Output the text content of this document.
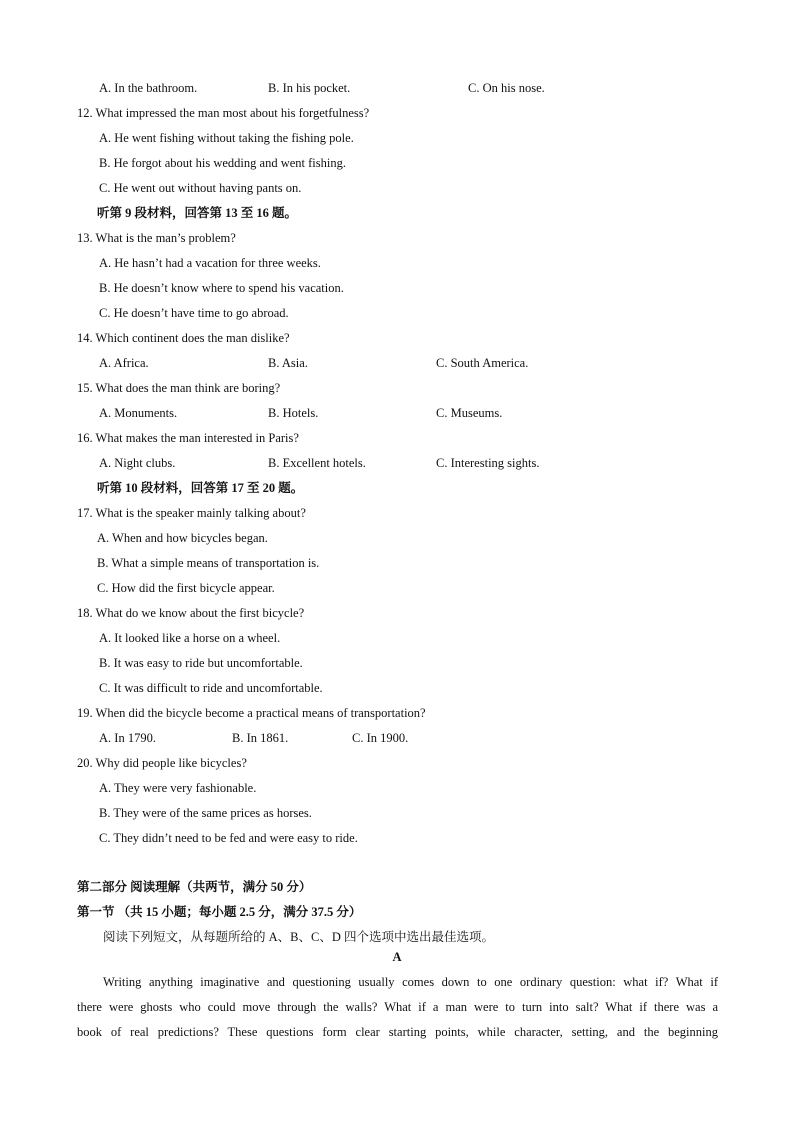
A. In the bathroom.	B. In his pocket.	C. On his nose.
12. What impressed the man most about his forgetfulness?
A. He went fishing without taking the fishing pole.
B. He forgot about his wedding and went fishing.
C. He went out without having pants on.
听第 9 段材料，回答第 13 至 16 题。
13. What is the man’s problem?
A. He hasn’t had a vacation for three weeks.
B. He doesn’t know where to spend his vacation.
C. He doesn’t have time to go abroad.
14. Which continent does the man dislike?
A. Africa.	B. Asia.	C. South America.
15. What does the man think are boring?
A. Monuments.	B. Hotels.	C. Museums.
16. What makes the man interested in Paris?
A. Night clubs.	B. Excellent hotels.	C. Interesting sights.
听第 10 段材料，回答第 17 至 20 题。
17. What is the speaker mainly talking about?
A. When and how bicycles began.
B. What a simple means of transportation is.
C. How did the first bicycle appear.
18. What do we know about the first bicycle?
A. It looked like a horse on a wheel.
B. It was easy to ride but uncomfortable.
C. It was difficult to ride and uncomfortable.
19. When did the bicycle become a practical means of transportation?
A. In 1790.	B. In 1861.	C. In 1900.
20. Why did people like bicycles?
A. They were very fashionable.
B. They were of the same prices as horses.
C. They didn’t need to be fed and were easy to ride.
第二部分 阅读理解（共两节，满分 50 分）
第一节 （共 15 小题；每小题 2.5 分，满分 37.5 分）
阅读下列短文，从每题所给的 A、B、C、D 四个选项中选出最佳选项。
A
Writing anything imaginative and questioning usually comes down to one ordinary question: what if? What if
there were ghosts who could move through the walls? What if a man were to turn into salt? What if there was a
book of real predictions? These questions form clear starting points, while character, setting, and the beginning
